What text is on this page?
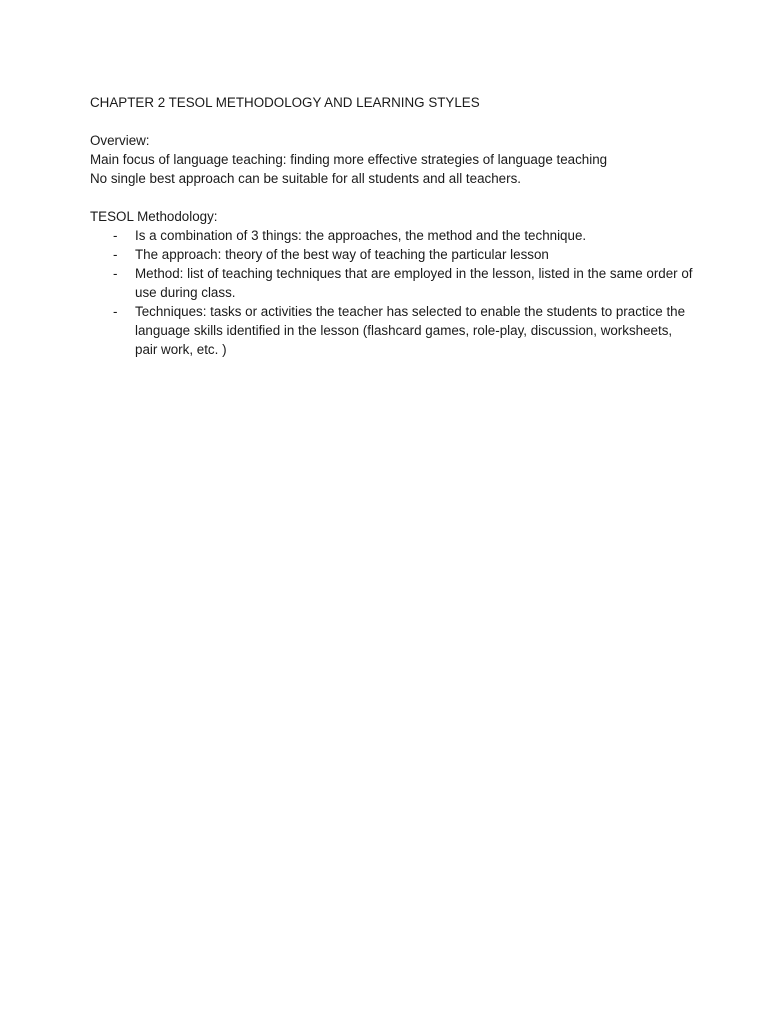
CHAPTER 2 TESOL METHODOLOGY AND LEARNING STYLES

Overview:

Main focus of language teaching: finding more effective strategies of language teaching

No single best approach can be suitable for all students and all teachers.

TESOL Methodology:

- Is a combination of 3 things: the approaches, the method and the technique.
- The approach: theory of the best way of teaching the particular lesson
- Method: list of teaching techniques that are employed in the lesson, listed in the same order of use during class.
- Techniques: tasks or activities the teacher has selected to enable the students to practice the language skills identified in the lesson (flashcard games, role-play, discussion, worksheets, pair work, etc. )
